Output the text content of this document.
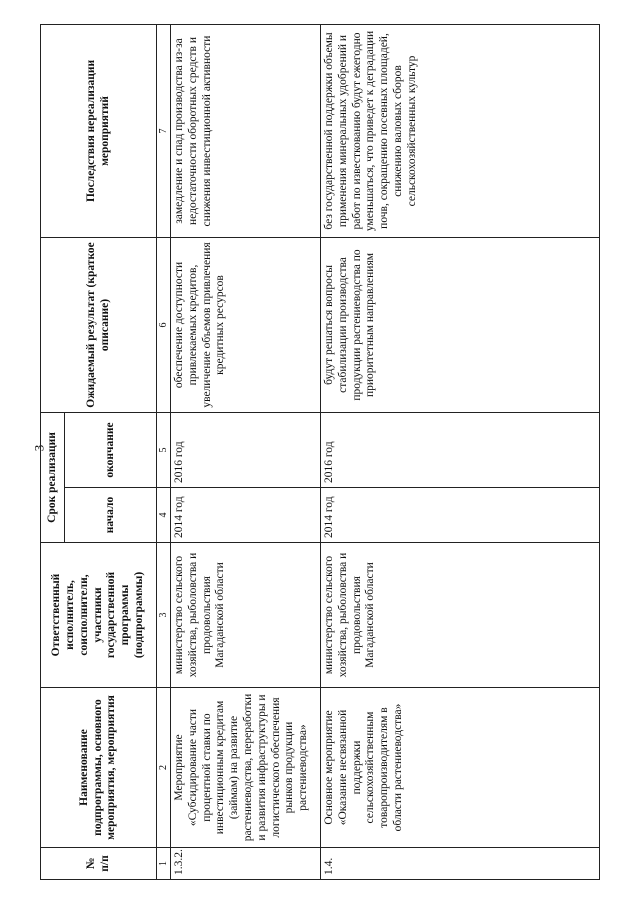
3
№ п/п	Наименование подпрограммы, основного мероприятия, мероприятия	Ответственный исполнитель, соисполнители, участники государственной программы (подпрограммы)	Срок реализации		Ожидаемый результат (краткое описание)	Последствия нереализации мероприятий
			начало	окончание		
1	2	3	4	5	6	7
1.3.2.	Мероприятие «Субсидирование части процентной ставки по инвестиционным кредитам (займам) на развитие растениеводства, переработки и развития инфраструктуры и логистического обеспечения рынков продукции растениеводства»	министерство сельского хозяйства, рыболовства и продовольствия Магаданской области	2014 год	2016 год	обеспечение доступности привлекаемых кредитов, увеличение объемов привлечения кредитных ресурсов	замедление и спад производства из-за недостаточности оборотных средств и снижения инвестиционной активности
1.4.	Основное мероприятие «Оказание несвязанной поддержки сельскохозяйственным товаропроизводителям в области растениеводства»	министерство сельского хозяйства, рыболовства и продовольствия Магаданской области	2014 год	2016 год	будут решаться вопросы стабилизации производства продукции растениеводства по приоритетным направлениям	без государственной поддержки объемы применения минеральных удобрений и работ по известкованию будут ежегодно уменьшаться, что приведет к деградации почв, сокращению посевных площадей, снижению валовых сборов сельскохозяйственных культур
